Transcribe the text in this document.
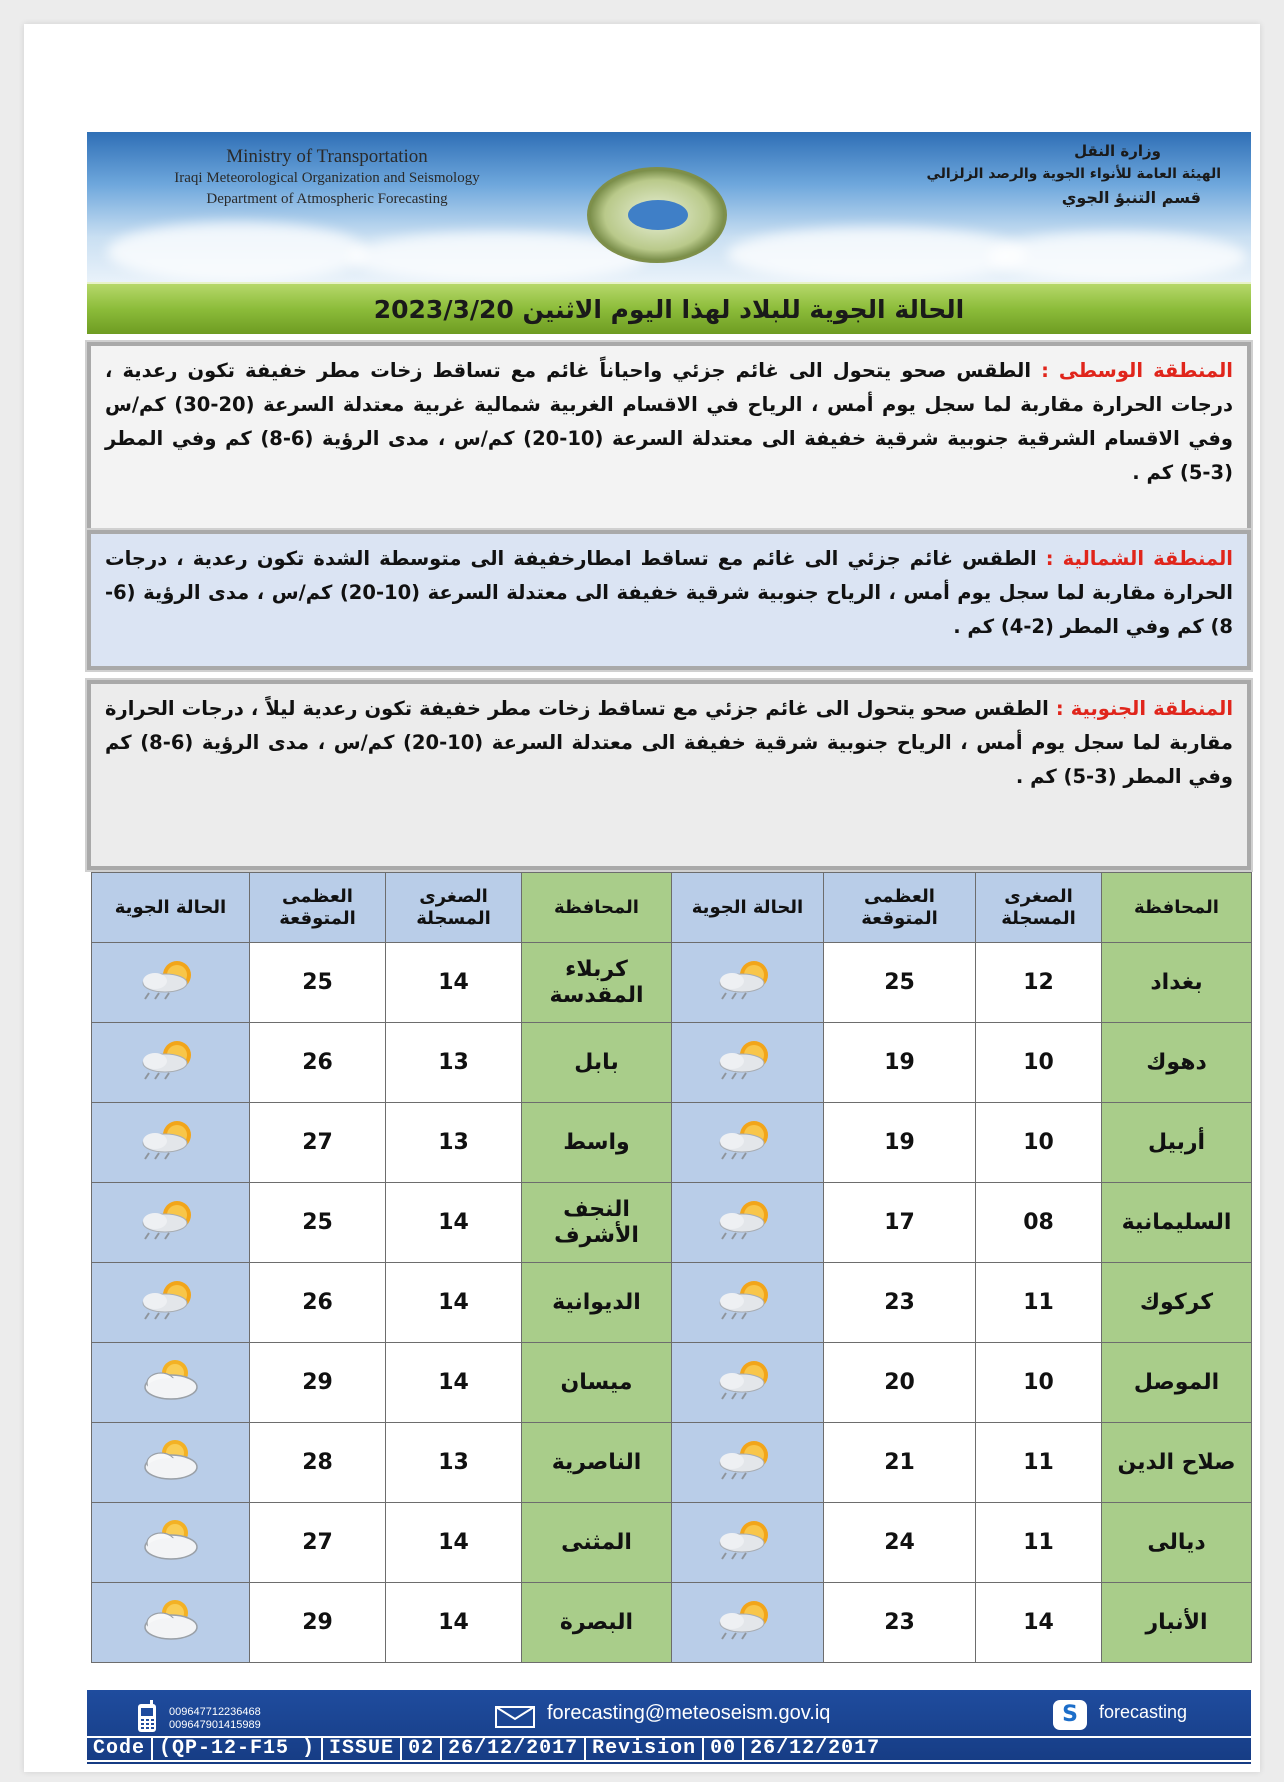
Ministry of Transportation
Iraqi Meteorological Organization and Seismology
Department of Atmospheric Forecasting
وزارة النقل
الهيئة العامة للأنواء الجوية والرصد الزلزالي
قسم التنبؤ الجوي
الحالة الجوية للبلاد لهذا اليوم الاثنين 2023/3/20
المنطقة الوسطى : الطقس صحو يتحول الى غائم جزئي واحياناً غائم مع تساقط زخات مطر خفيفة تكون رعدية ، درجات الحرارة مقاربة لما سجل يوم أمس ، الرياح في الاقسام الغربية شمالية غربية معتدلة السرعة (20-30) كم/س وفي الاقسام الشرقية جنوبية شرقية خفيفة الى معتدلة السرعة (10-20) كم/س ، مدى الرؤية (6-8) كم وفي المطر (3-5) كم .
المنطقة الشمالية : الطقس غائم جزئي الى غائم مع تساقط امطارخفيفة الى متوسطة الشدة تكون رعدية ، درجات الحرارة مقاربة لما سجل يوم أمس ، الرياح جنوبية شرقية خفيفة الى معتدلة السرعة (10-20) كم/س ، مدى الرؤية (6-8) كم وفي المطر (2-4) كم .
المنطقة الجنوبية : الطقس صحو يتحول الى غائم جزئي مع تساقط زخات مطر خفيفة تكون رعدية ليلاً ، درجات الحرارة مقاربة لما سجل يوم أمس ، الرياح جنوبية شرقية خفيفة الى معتدلة السرعة (10-20) كم/س ، مدى الرؤية (6-8) كم وفي المطر (3-5) كم .
المحافظة	الصغرى المسجلة	العظمى المتوقعة	الحالة الجوية	المحافظة	الصغرى المسجلة	العظمى المتوقعة	الحالة الجوية
بغداد	12	25		كربلاء المقدسة	14	25	
دهوك	10	19		بابل	13	26	
أربيل	10	19		واسط	13	27	
السليمانية	08	17		النجف الأشرف	14	25	
كركوك	11	23		الديوانية	14	26	
الموصل	10	20		ميسان	14	29	
صلاح الدين	11	21		الناصرية	13	28	
ديالى	11	24		المثنى	14	27	
الأنبار	14	23		البصرة	14	29	
009647712236468
009647901415989
forecasting@meteoseism.gov.iq	S	forecasting
Code (QP-12-F15 ) ISSUE 02 26/12/2017 Revision 00 26/12/2017
